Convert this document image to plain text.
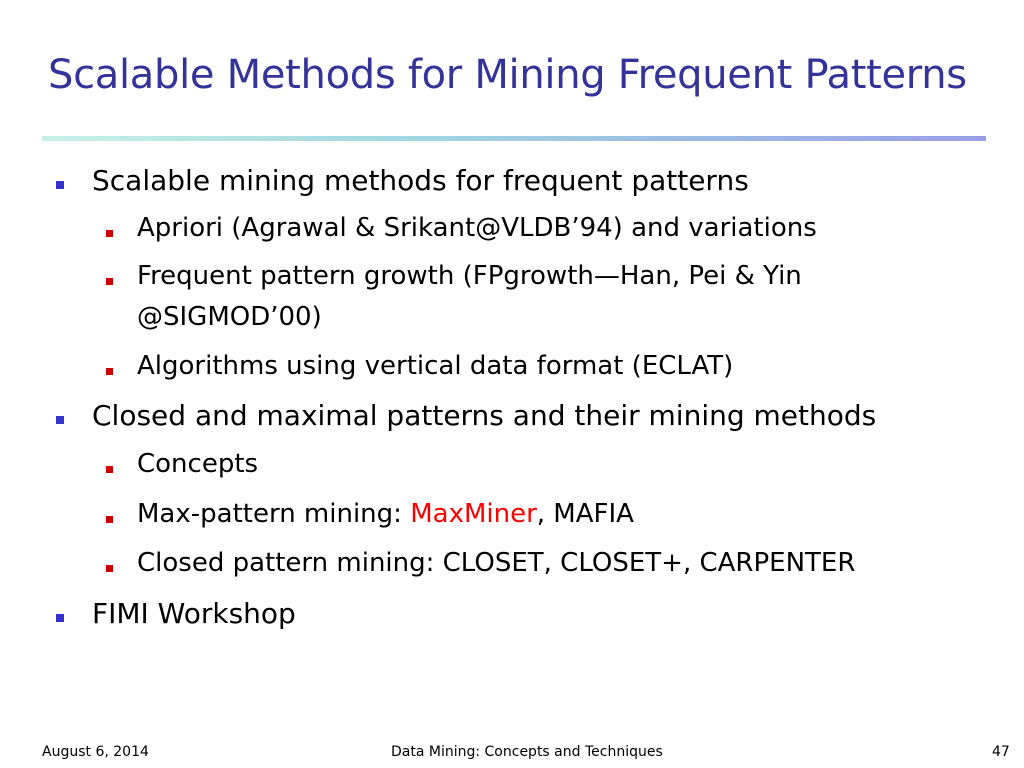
Scalable Methods for Mining Frequent Patterns
Scalable mining methods for frequent patterns
Apriori (Agrawal & Srikant@VLDB’94) and variations
Frequent pattern growth (FPgrowth—Han, Pei & Yin
@SIGMOD’00)
Algorithms using vertical data format (ECLAT)
Closed and maximal patterns and their mining methods
Concepts
Max-pattern mining: MaxMiner, MAFIA
Closed pattern mining: CLOSET, CLOSET+, CARPENTER
FIMI Workshop
August 6, 2014	Data Mining: Concepts and Techniques	47
